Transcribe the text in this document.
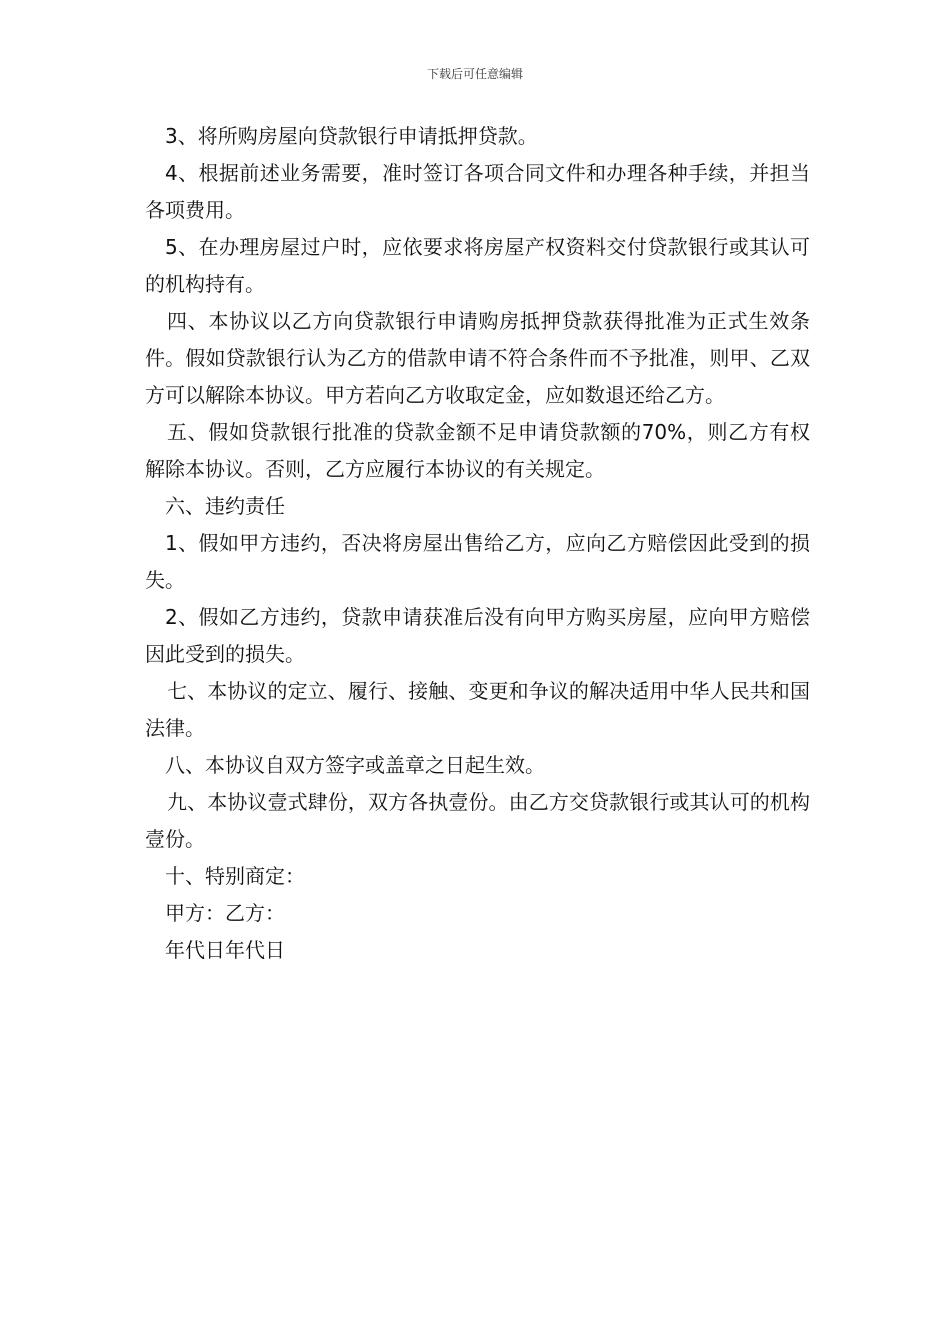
下载后可任意编辑

3、将所购房屋向贷款银行申请抵押贷款。

4、根据前述业务需要，准时签订各项合同文件和办理各种手续，并担当各项费用。

5、在办理房屋过户时，应依要求将房屋产权资料交付贷款银行或其认可的机构持有。

四、本协议以乙方向贷款银行申请购房抵押贷款获得批准为正式生效条件。假如贷款银行认为乙方的借款申请不符合条件而不予批准，则甲、乙双方可以解除本协议。甲方若向乙方收取定金，应如数退还给乙方。

五、假如贷款银行批准的贷款金额不足申请贷款额的70%，则乙方有权解除本协议。否则，乙方应履行本协议的有关规定。

六、违约责任

1、假如甲方违约，否决将房屋出售给乙方，应向乙方赔偿因此受到的损失。

2、假如乙方违约，贷款申请获准后没有向甲方购买房屋，应向甲方赔偿因此受到的损失。

七、本协议的定立、履行、接触、变更和争议的解决适用中华人民共和国法律。

八、本协议自双方签字或盖章之日起生效。

九、本协议壹式肆份，双方各执壹份。由乙方交贷款银行或其认可的机构壹份。

十、特别商定：

甲方：乙方：

年代日年代日
